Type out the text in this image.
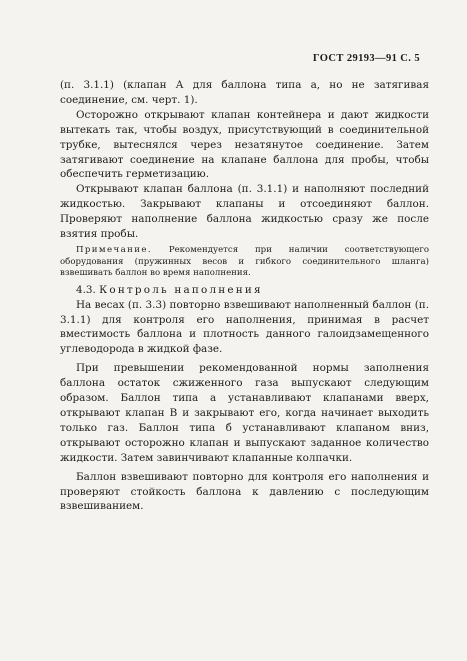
ГОСТ 29193—91 С. 5

(п. 3.1.1) (клапан А для баллона типа а, но не затягивая соединение, см. черт. 1).

Осторожно открывают клапан контейнера и дают жидкости вытекать так, чтобы воздух, присутствующий в соединительной трубке, вытеснялся через незатянутое соединение. Затем затягивают соединение на клапане баллона для пробы, чтобы обеспечить герметизацию.

Открывают клапан баллона (п. 3.1.1) и наполняют последний жидкостью. Закрывают клапаны и отсоединяют баллон. Проверяют наполнение баллона жидкостью сразу же после взятия пробы.

Примечание. Рекомендуется при наличии соответствующего оборудования (пружинных весов и гибкого соединительного шланга) взвешивать баллон во время наполнения.

4.3. Контроль наполнения

На весах (п. 3.3) повторно взвешивают наполненный баллон (п. 3.1.1) для контроля его наполнения, принимая в расчет вместимость баллона и плотность данного галоидзамещенного углеводорода в жидкой фазе.

При превышении рекомендованной нормы заполнения баллона остаток сжиженного газа выпускают следующим образом. Баллон типа а устанавливают клапанами вверх, открывают клапан В и закрывают его, когда начинает выходить только газ. Баллон типа б устанавливают клапаном вниз, открывают осторожно клапан и выпускают заданное количество жидкости. Затем завинчивают клапанные колпачки.

Баллон взвешивают повторно для контроля его наполнения и проверяют стойкость баллона к давлению с последующим взвешиванием.
